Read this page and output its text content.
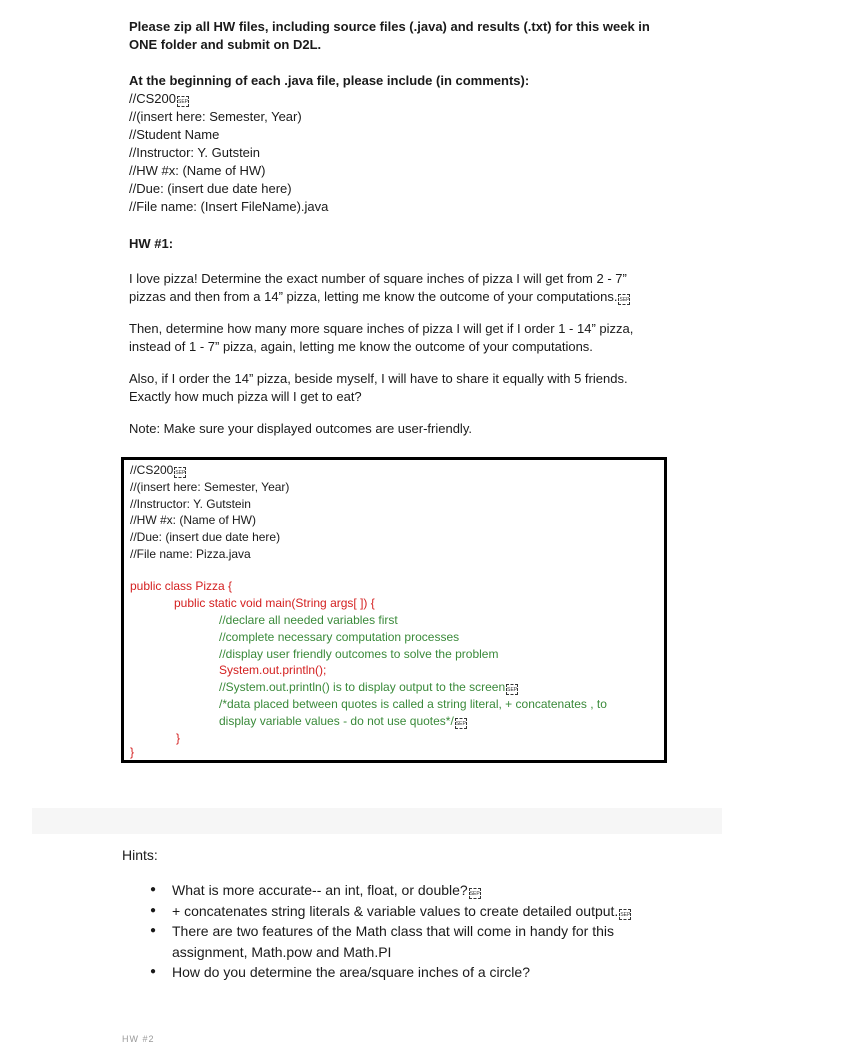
Please zip all HW files, including source files (.java) and results (.txt) for this week in

ONE folder and submit on D2L.

At the beginning of each .java file, please include (in comments):

//CS200 SEP

//(insert here: Semester, Year)

//Student Name

//Instructor: Y. Gutstein

//HW #x: (Name of HW)

//Due: (insert due date here)

//File name: (Insert FileName).java

HW #1:

I love pizza! Determine the exact number of square inches of pizza I will get from 2 - 7”
pizzas and then from a 14” pizza, letting me know the outcome of your computations. SEP

Then, determine how many more square inches of pizza I will get if I order 1 - 14” pizza,
instead of 1 - 7” pizza, again, letting me know the outcome of your computations.

Also, if I order the 14” pizza, beside myself, I will have to share it equally with 5 friends.
Exactly how much pizza will I get to eat?

Note: Make sure your displayed outcomes are user-friendly.

//CS200 SEP

//(insert here: Semester, Year)

//Instructor: Y. Gutstein

//HW #x: (Name of HW)

//Due: (insert due date here)

//File name: Pizza.java

public class Pizza {

public static void main(String args[ ]) {

//declare all needed variables first

//complete necessary computation processes

//display user friendly outcomes to solve the problem

System.out.println();

//System.out.println() is to display output to the screen SEP

/*data placed between quotes is called a string literal, + concatenates , to

display variable values - do not use quotes*/ SEP

}

}

Hints:

● What is more accurate-- an int, float, or double? SEP
● + concatenates string literals & variable values to create detailed output. SEP
● There are two features of the Math class that will come in handy for this assignment, Math.pow and Math.PI
● How do you determine the area/square inches of a circle?

HW #2
